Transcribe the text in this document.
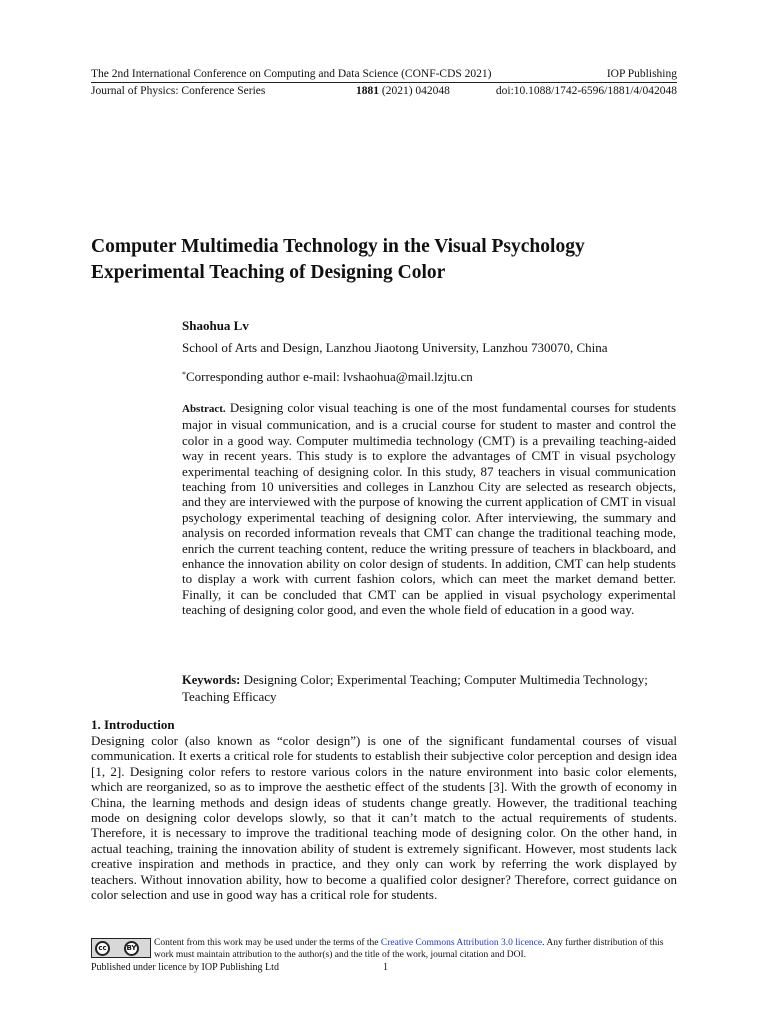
The 2nd International Conference on Computing and Data Science (CONF-CDS 2021)	IOP Publishing
Journal of Physics: Conference Series	1881 (2021) 042048	doi:10.1088/1742-6596/1881/4/042048
Computer Multimedia Technology in the Visual Psychology Experimental Teaching of Designing Color
Shaohua Lv
School of Arts and Design, Lanzhou Jiaotong University, Lanzhou 730070, China
*Corresponding author e-mail: lvshaohua@mail.lzjtu.cn
Abstract. Designing color visual teaching is one of the most fundamental courses for students major in visual communication, and is a crucial course for student to master and control the color in a good way. Computer multimedia technology (CMT) is a prevailing teaching-aided way in recent years. This study is to explore the advantages of CMT in visual psychology experimental teaching of designing color. In this study, 87 teachers in visual communication teaching from 10 universities and colleges in Lanzhou City are selected as research objects, and they are interviewed with the purpose of knowing the current application of CMT in visual psychology experimental teaching of designing color. After interviewing, the summary and analysis on recorded information reveals that CMT can change the traditional teaching mode, enrich the current teaching content, reduce the writing pressure of teachers in blackboard, and enhance the innovation ability on color design of students. In addition, CMT can help students to display a work with current fashion colors, which can meet the market demand better. Finally, it can be concluded that CMT can be applied in visual psychology experimental teaching of designing color good, and even the whole field of education in a good way.
Keywords: Designing Color; Experimental Teaching; Computer Multimedia Technology; Teaching Efficacy
1. Introduction
Designing color (also known as “color design”) is one of the significant fundamental courses of visual communication. It exerts a critical role for students to establish their subjective color perception and design idea [1, 2]. Designing color refers to restore various colors in the nature environment into basic color elements, which are reorganized, so as to improve the aesthetic effect of the students [3]. With the growth of economy in China, the learning methods and design ideas of students change greatly. However, the traditional teaching mode on designing color develops slowly, so that it can’t match to the actual requirements of students. Therefore, it is necessary to improve the traditional teaching mode of designing color. On the other hand, in actual teaching, training the innovation ability of student is extremely significant. However, most students lack creative inspiration and methods in practice, and they only can work by referring the work displayed by teachers. Without innovation ability, how to become a qualified color designer? Therefore, correct guidance on color selection and use in good way has a critical role for students.
cc	BY Content from this work may be used under the terms of the Creative Commons Attribution 3.0 licence. Any further distribution of this work must maintain attribution to the author(s) and the title of the work, journal citation and DOI.
Published under licence by IOP Publishing Ltd	1
